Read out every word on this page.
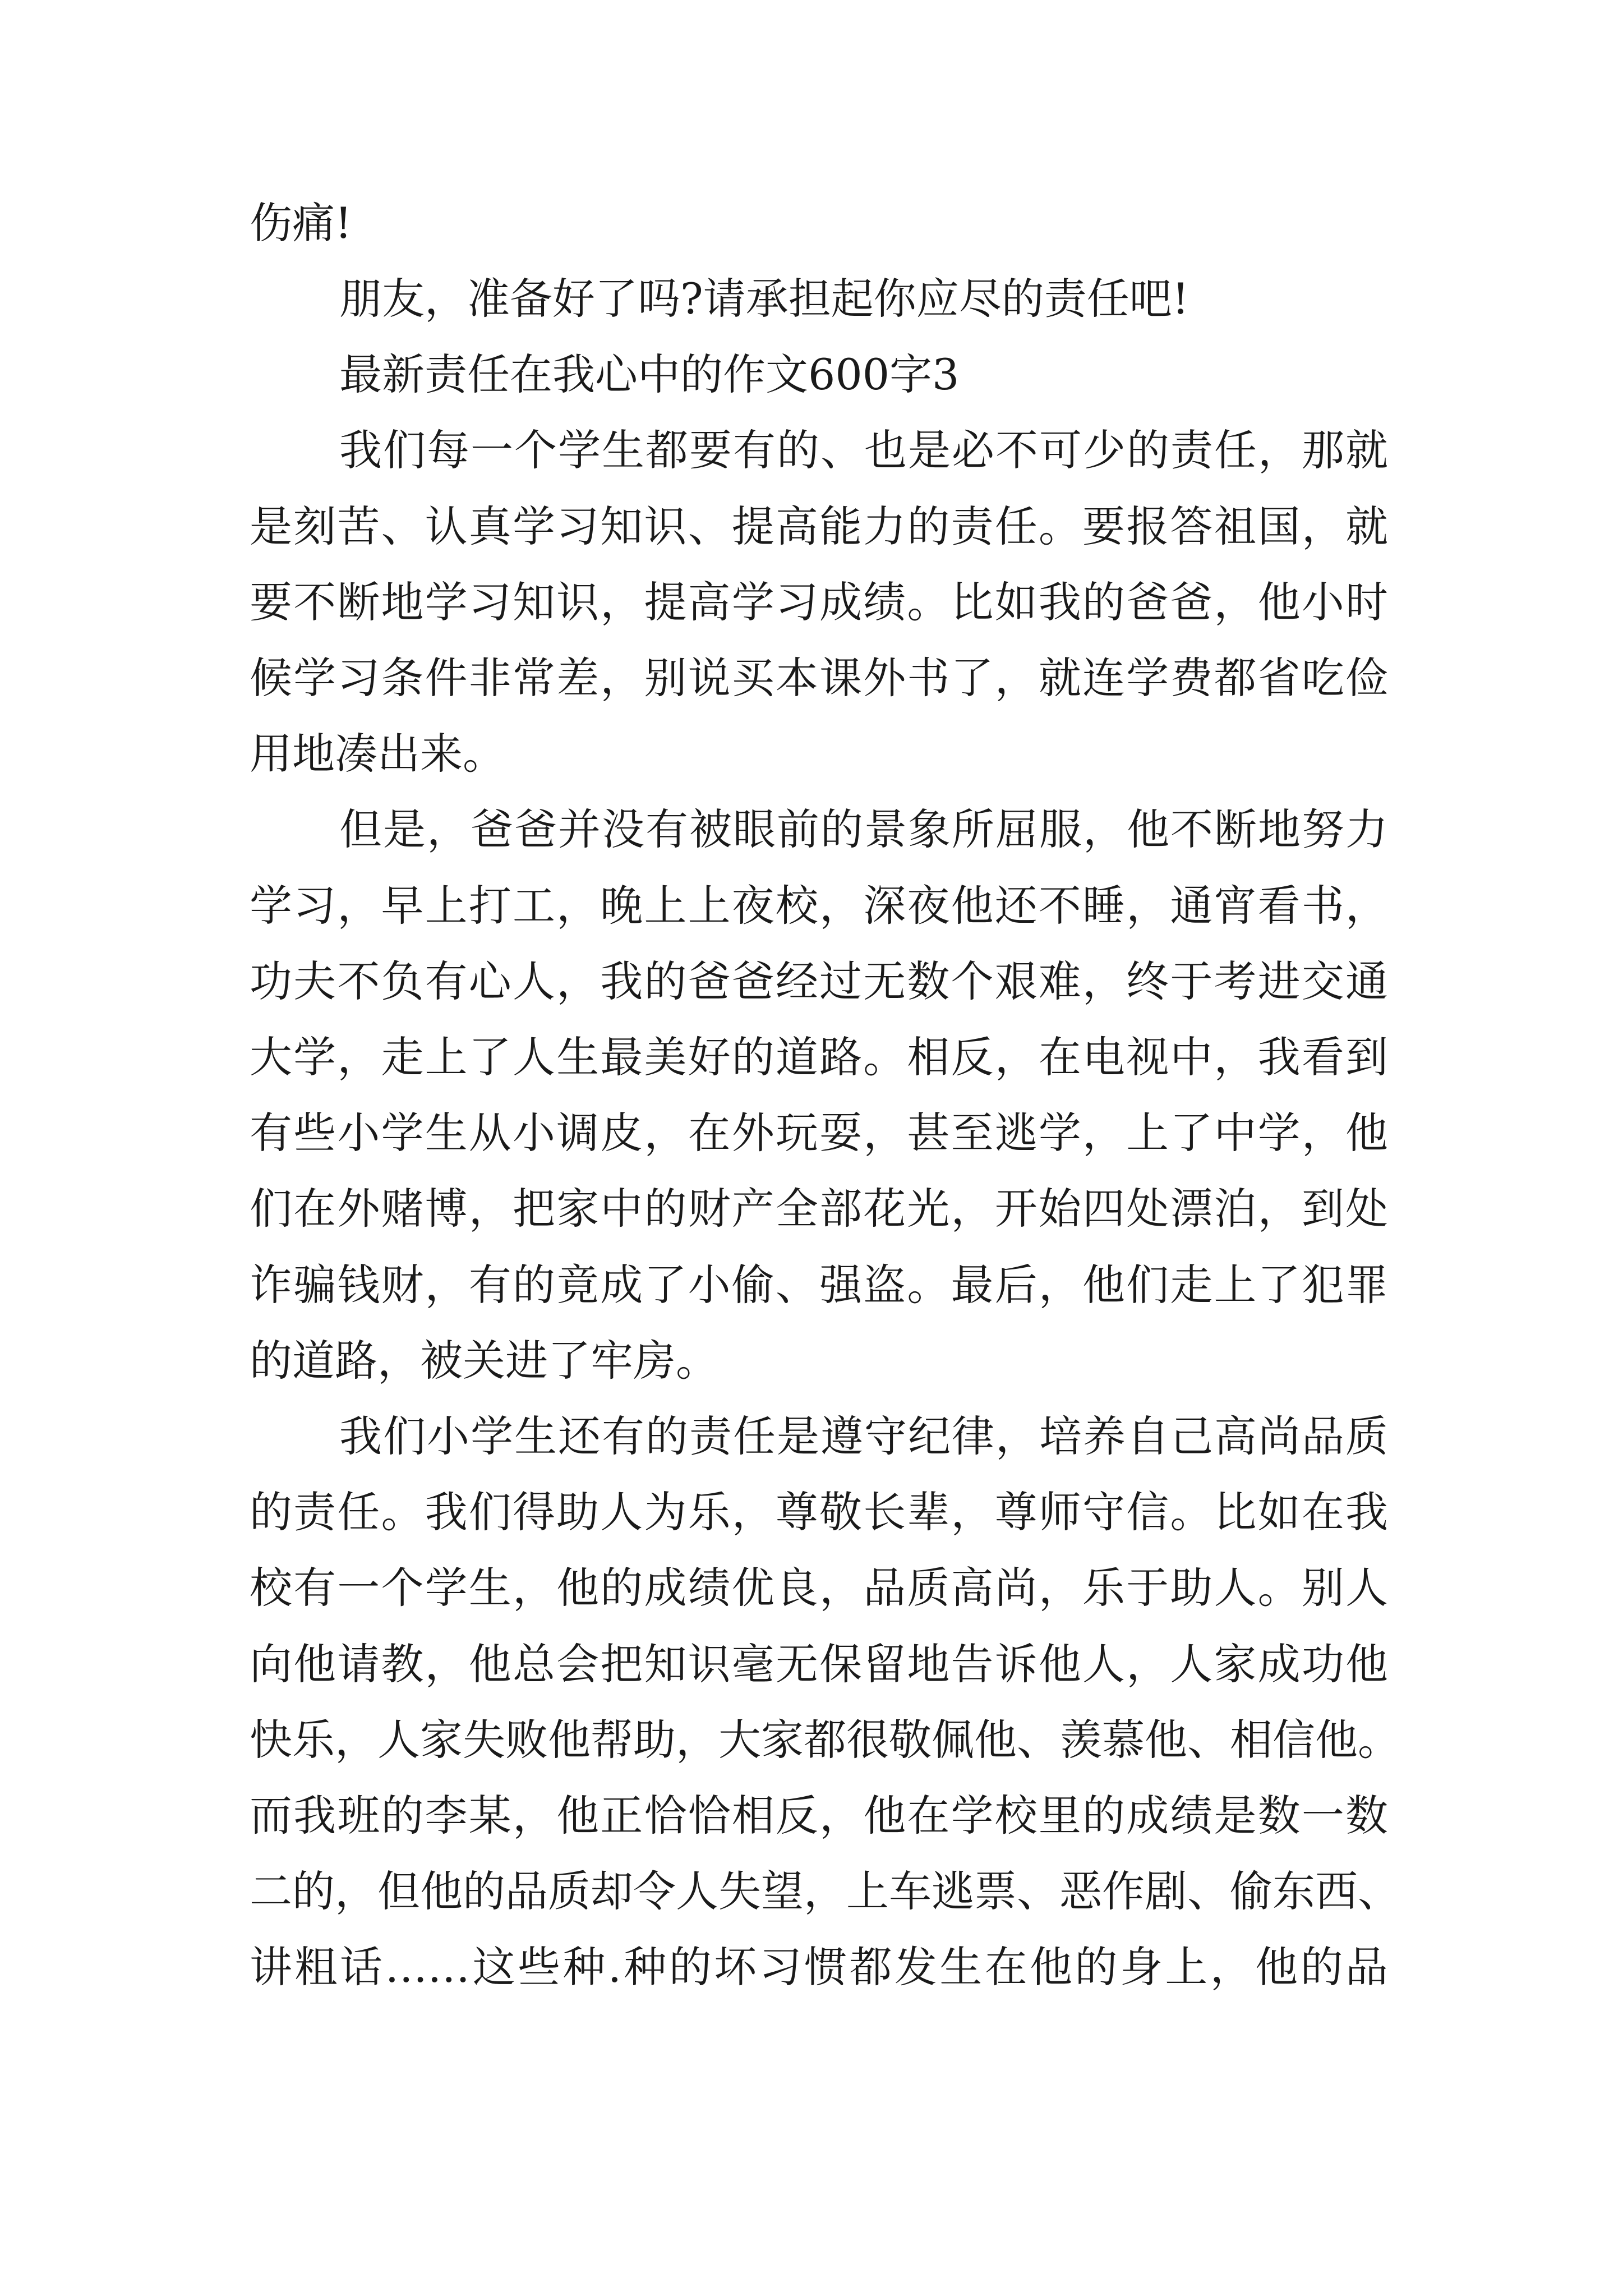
伤痛!
朋友，准备好了吗?请承担起你应尽的责任吧!
最新责任在我心中的作文600字3
我们每一个学生都要有的、也是必不可少的责任，那就
是刻苦、认真学习知识、提高能力的责任。要报答祖国，就
要不断地学习知识，提高学习成绩。比如我的爸爸，他小时
候学习条件非常差，别说买本课外书了，就连学费都省吃俭
用地凑出来。
但是，爸爸并没有被眼前的景象所屈服，他不断地努力
学习，早上打工，晚上上夜校，深夜他还不睡，通宵看书，
功夫不负有心人，我的爸爸经过无数个艰难，终于考进交通
大学，走上了人生最美好的道路。相反，在电视中，我看到
有些小学生从小调皮，在外玩耍，甚至逃学，上了中学，他
们在外赌博，把家中的财产全部花光，开始四处漂泊，到处
诈骗钱财，有的竟成了小偷、强盗。最后，他们走上了犯罪
的道路，被关进了牢房。
我们小学生还有的责任是遵守纪律，培养自己高尚品质
的责任。我们得助人为乐，尊敬长辈，尊师守信。比如在我
校有一个学生，他的成绩优良，品质高尚，乐于助人。别人
向他请教，他总会把知识毫无保留地告诉他人，人家成功他
快乐，人家失败他帮助，大家都很敬佩他、羡慕他、相信他。
而我班的李某，他正恰恰相反，他在学校里的成绩是数一数
二的，但他的品质却令人失望，上车逃票、恶作剧、偷东西、
讲粗话……这些种.种的坏习惯都发生在他的身上，他的品
